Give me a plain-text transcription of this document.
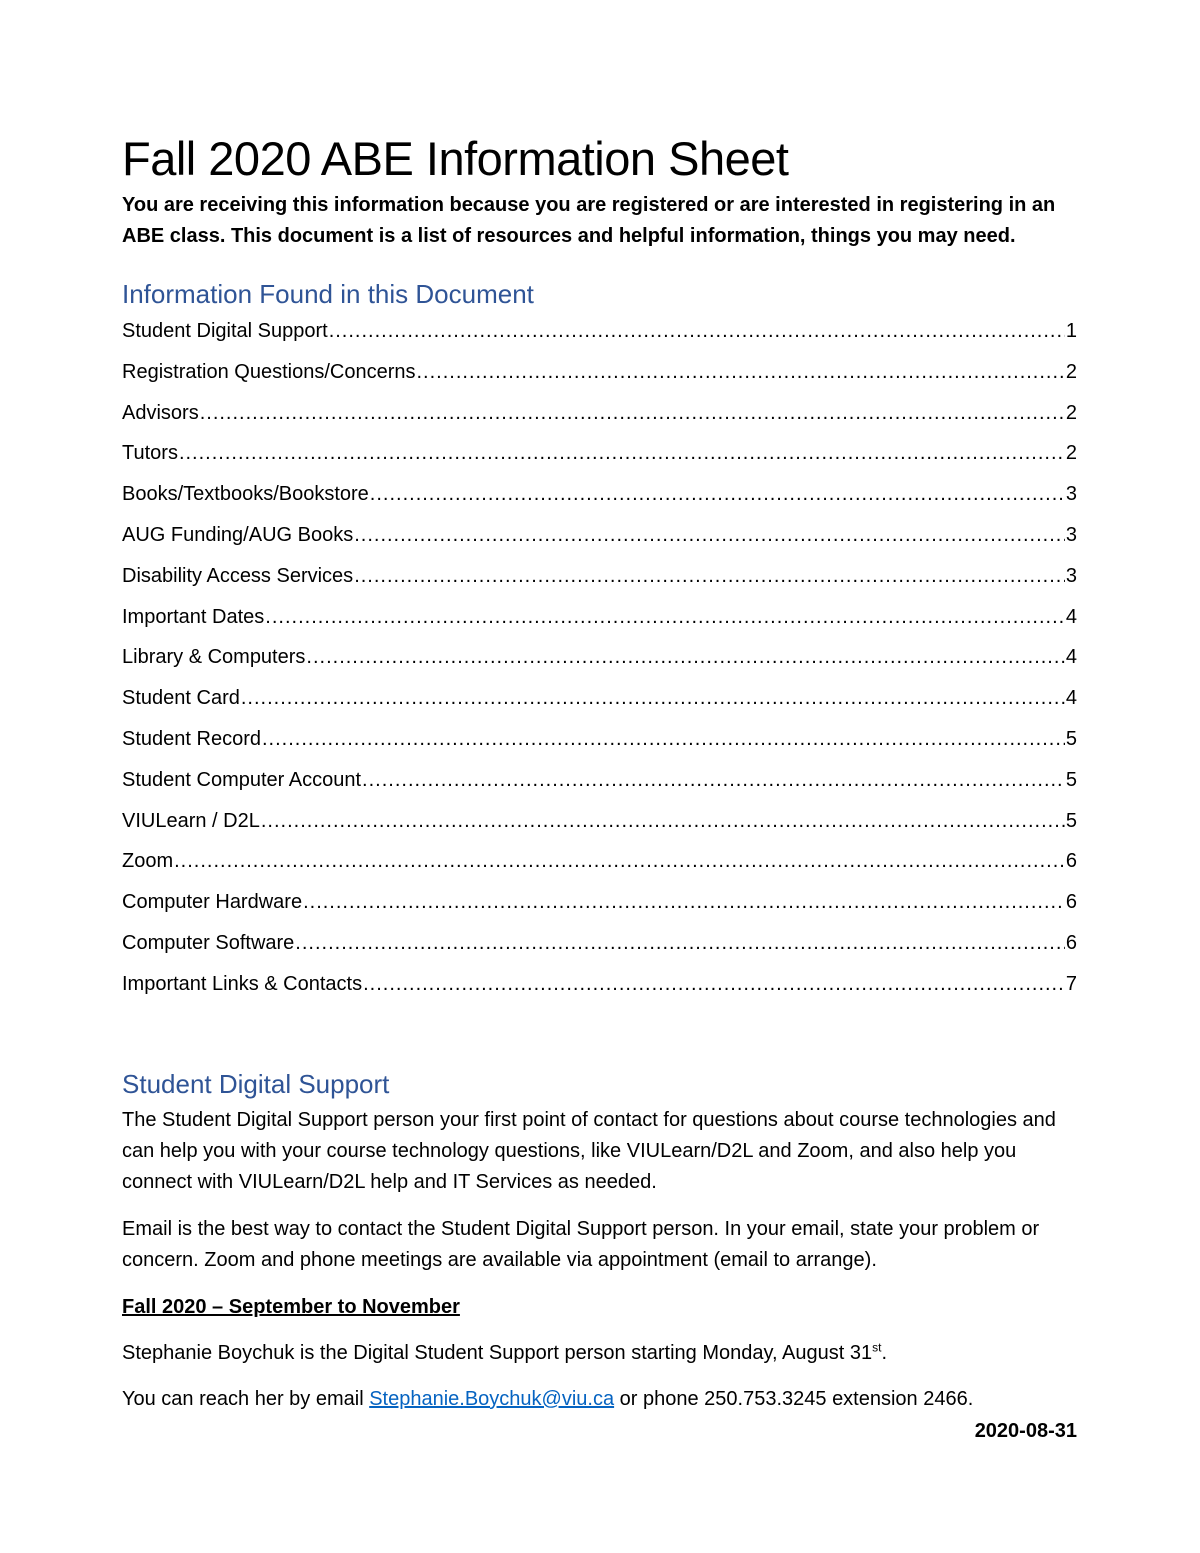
Fall 2020 ABE Information Sheet

You are receiving this information because you are registered or are interested in registering in an ABE class. This document is a list of resources and helpful information, things you may need.

Information Found in this Document
Student Digital Support .....	1
Registration Questions/Concerns .....	2
Advisors .....	2
Tutors .....	2
Books/Textbooks/Bookstore .....	3
AUG Funding/AUG Books .....	3
Disability Access Services .....	3
Important Dates .....	4
Library & Computers .....	4
Student Card .....	4
Student Record .....	5
Student Computer Account .....	5
VIULearn / D2L .....	5
Zoom .....	6
Computer Hardware .....	6
Computer Software .....	6
Important Links & Contacts .....	7
Student Digital Support

The Student Digital Support person your first point of contact for questions about course technologies and can help you with your course technology questions, like VIULearn/D2L and Zoom, and also help you connect with VIULearn/D2L help and IT Services as needed.

Email is the best way to contact the Student Digital Support person. In your email, state your problem or concern. Zoom and phone meetings are available via appointment (email to arrange).

Fall 2020 – September to November

Stephanie Boychuk is the Digital Student Support person starting Monday, August 31st.

You can reach her by email Stephanie.Boychuk@viu.ca or phone 250.753.3245 extension 2466.

2020-08-31
